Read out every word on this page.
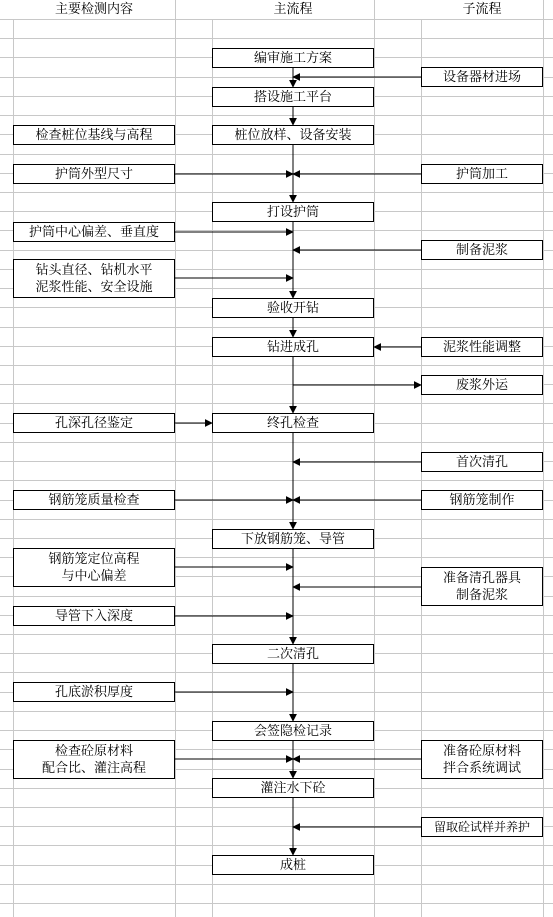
主要检测内容	主流程	子流程
编审施工方案
搭设施工平台
桩位放样、设备安装
打设护筒
验收开钻
钻进成孔
终孔检查
下放钢筋笼、导管
二次清孔
会签隐检记录
灌注水下砼
成桩
检查桩位基线与高程
护筒外型尺寸
护筒中心偏差、垂直度
钻头直径、钻机水平
泥浆性能、安全设施
孔深孔径鉴定
钢筋笼质量检查
钢筋笼定位高程
与中心偏差
导管下入深度
孔底淤积厚度
检查砼原材料
配合比、灌注高程
设备器材进场
护筒加工
制备泥浆
泥浆性能调整
废浆外运
首次清孔
钢筋笼制作
准备清孔器具
制备泥浆
准备砼原材料
拌合系统调试
留取砼试样并养护
